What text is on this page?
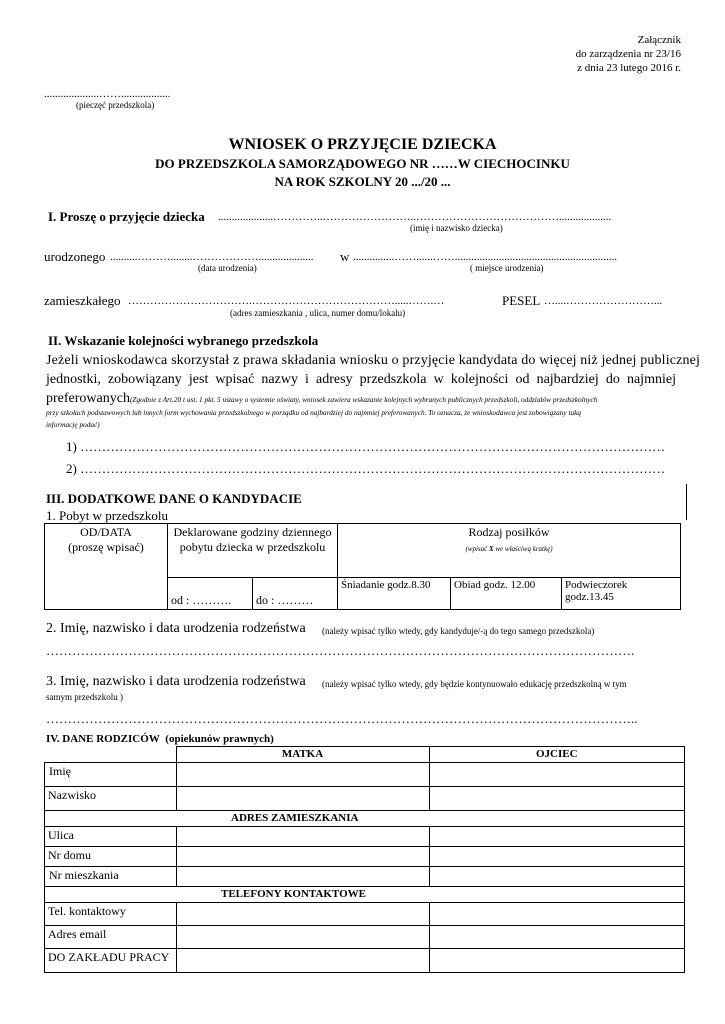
Załącznik
do zarządzenia nr 23/16
z dnia 23 lutego 2016 r.
....................……..................
(pieczęć przedszkola)
WNIOSEK O PRZYJĘCIE DZIECKA
DO PRZEDSZKOLA SAMORZĄDOWEGO NR ……W CIECHOCINKU
NA ROK SZKOLNY 20 .../20 ...
I. Proszę o przyjęcie dziecka ....................…………..……………………..…………………………………...................
(imię i nazwisko dziecka)
urodzonego ..........………........………………....................	w ...............……......……...........................................................
(data urodzenia)	( miejsce urodzenia)
zamieszkałego …………………………….………………………………….....…….…	PESEL …....……………………...
(adres zamieszkania , ulica, numer domu/lokalu)
II. Wskazanie kolejności wybranego przedszkola
Jeżeli wnioskodawca skorzystał z prawa składania wniosku o przyjęcie kandydata do więcej niż jednej publicznej
jednostki, zobowiązany jest wpisać nazwy i adresy przedszkola w kolejności od najbardziej do najmniej
preferowanych (Zgodnie z Art.20 t ust. 1 pkt. 5 ustawy o systemie oświaty, wniosek zawiera wskazanie kolejnych wybranych publicznych przedszkoli, oddziałów przedszkolnych
przy szkołach podstawowych lub innych form wychowania przedszkolnego w porządku od najbardziej do najmniej preferowanych. To oznacza, że wnioskodawca jest zobowiązany taką
informację podać)
1) ………………………………………………………………………………………………………………………
2) ………………………………………………………………………………………………………………………
III. DODATKOWE DANE O KANDYDACIE
1. Pobyt w przedszkolu
OD/DATA
(proszę wpisać)	Deklarowane godziny dziennego pobytu dziecka w przedszkolu		Rodzaj posiłków
(wpisać X we właściwą kratkę)		
	od : ……….	do : ………	Śniadanie godz.8.30	Obiad godz. 12.00	Podwieczorek godz.13.45
2. Imię, nazwisko i data urodzenia rodzeństwa (należy wpisać tylko wtedy, gdy kandyduje/-ą do tego samego przedszkola)
……………………………………………………………………………………………………………………….
3. Imię, nazwisko i data urodzenia rodzeństwa (należy wpisać tylko wtedy, gdy będzie kontynuowało edukację przedszkolną w tym
samym przedszkolu )
………………………………………………………………………………………………………………………..
IV. DANE RODZICÓW (opiekunów prawnych)
	MATKA	OJCIEC
Imię		
Nazwisko		
ADRES ZAMIESZKANIA		
Ulica		
Nr domu		
Nr mieszkania		
TELEFONY KONTAKTOWE		
Tel. kontaktowy		
Adres email		
DO ZAKŁADU PRACY		
